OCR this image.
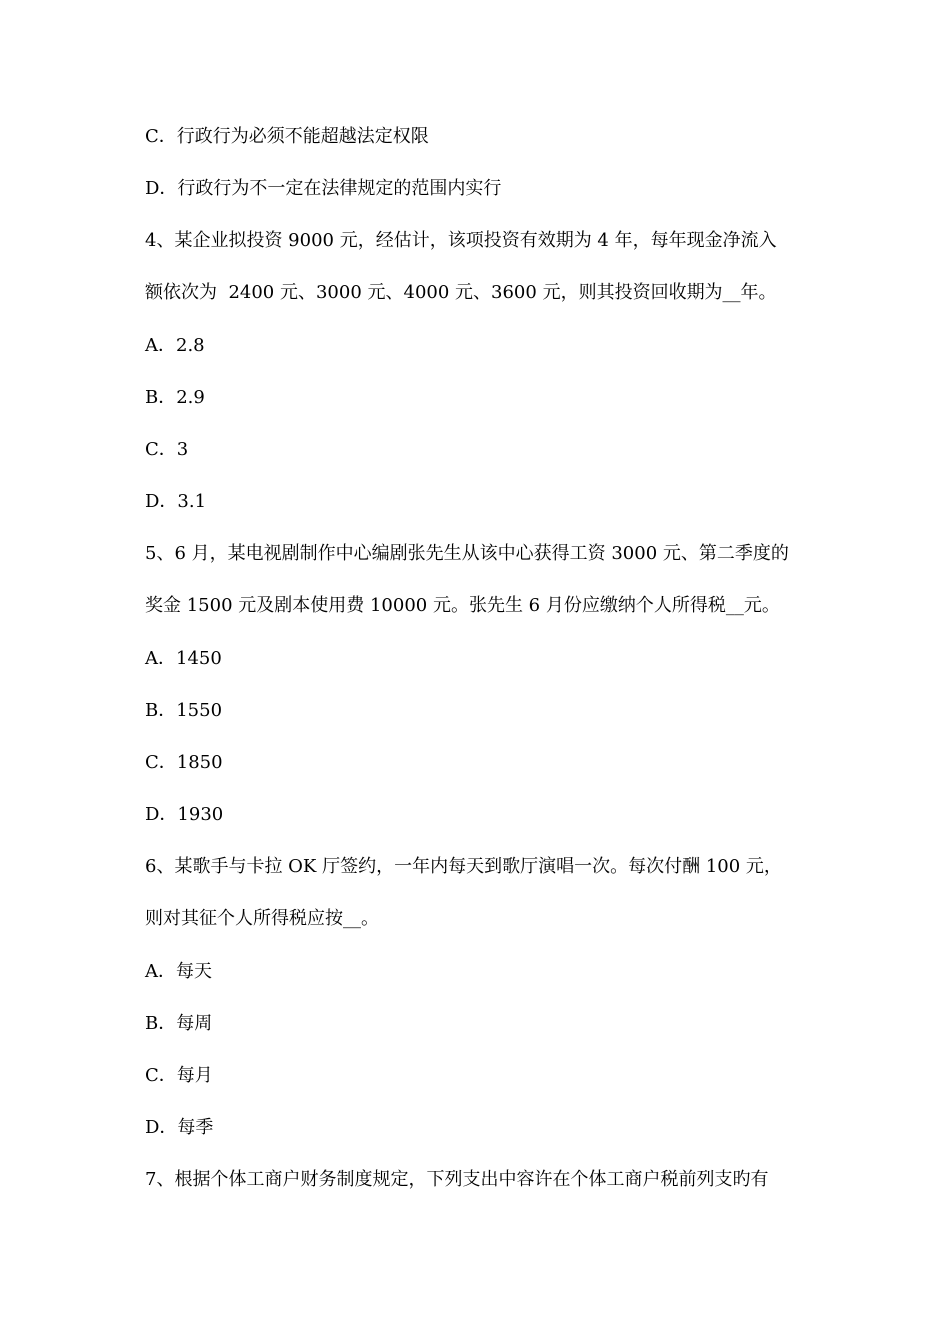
C．行政行为必须不能超越法定权限
D．行政行为不一定在法律规定的范围内实行
4、某企业拟投资 9000 元，经估计，该项投资有效期为 4 年，每年现金净流入
额依次为  2400 元、3000 元、4000 元、3600 元，则其投资回收期为__年。
A．2.8
B．2.9
C．3
D．3.1
5、6 月，某电视剧制作中心编剧张先生从该中心获得工资 3000 元、第二季度的
奖金 1500 元及剧本使用费 10000 元。张先生 6 月份应缴纳个人所得税__元。
A．1450
B．1550
C．1850
D．1930
6、某歌手与卡拉 OK 厅签约，一年内每天到歌厅演唱一次。每次付酬 100 元，
则对其征个人所得税应按__。
A．每天
B．每周
C．每月
D．每季
7、根据个体工商户财务制度规定，下列支出中容许在个体工商户税前列支旳有
